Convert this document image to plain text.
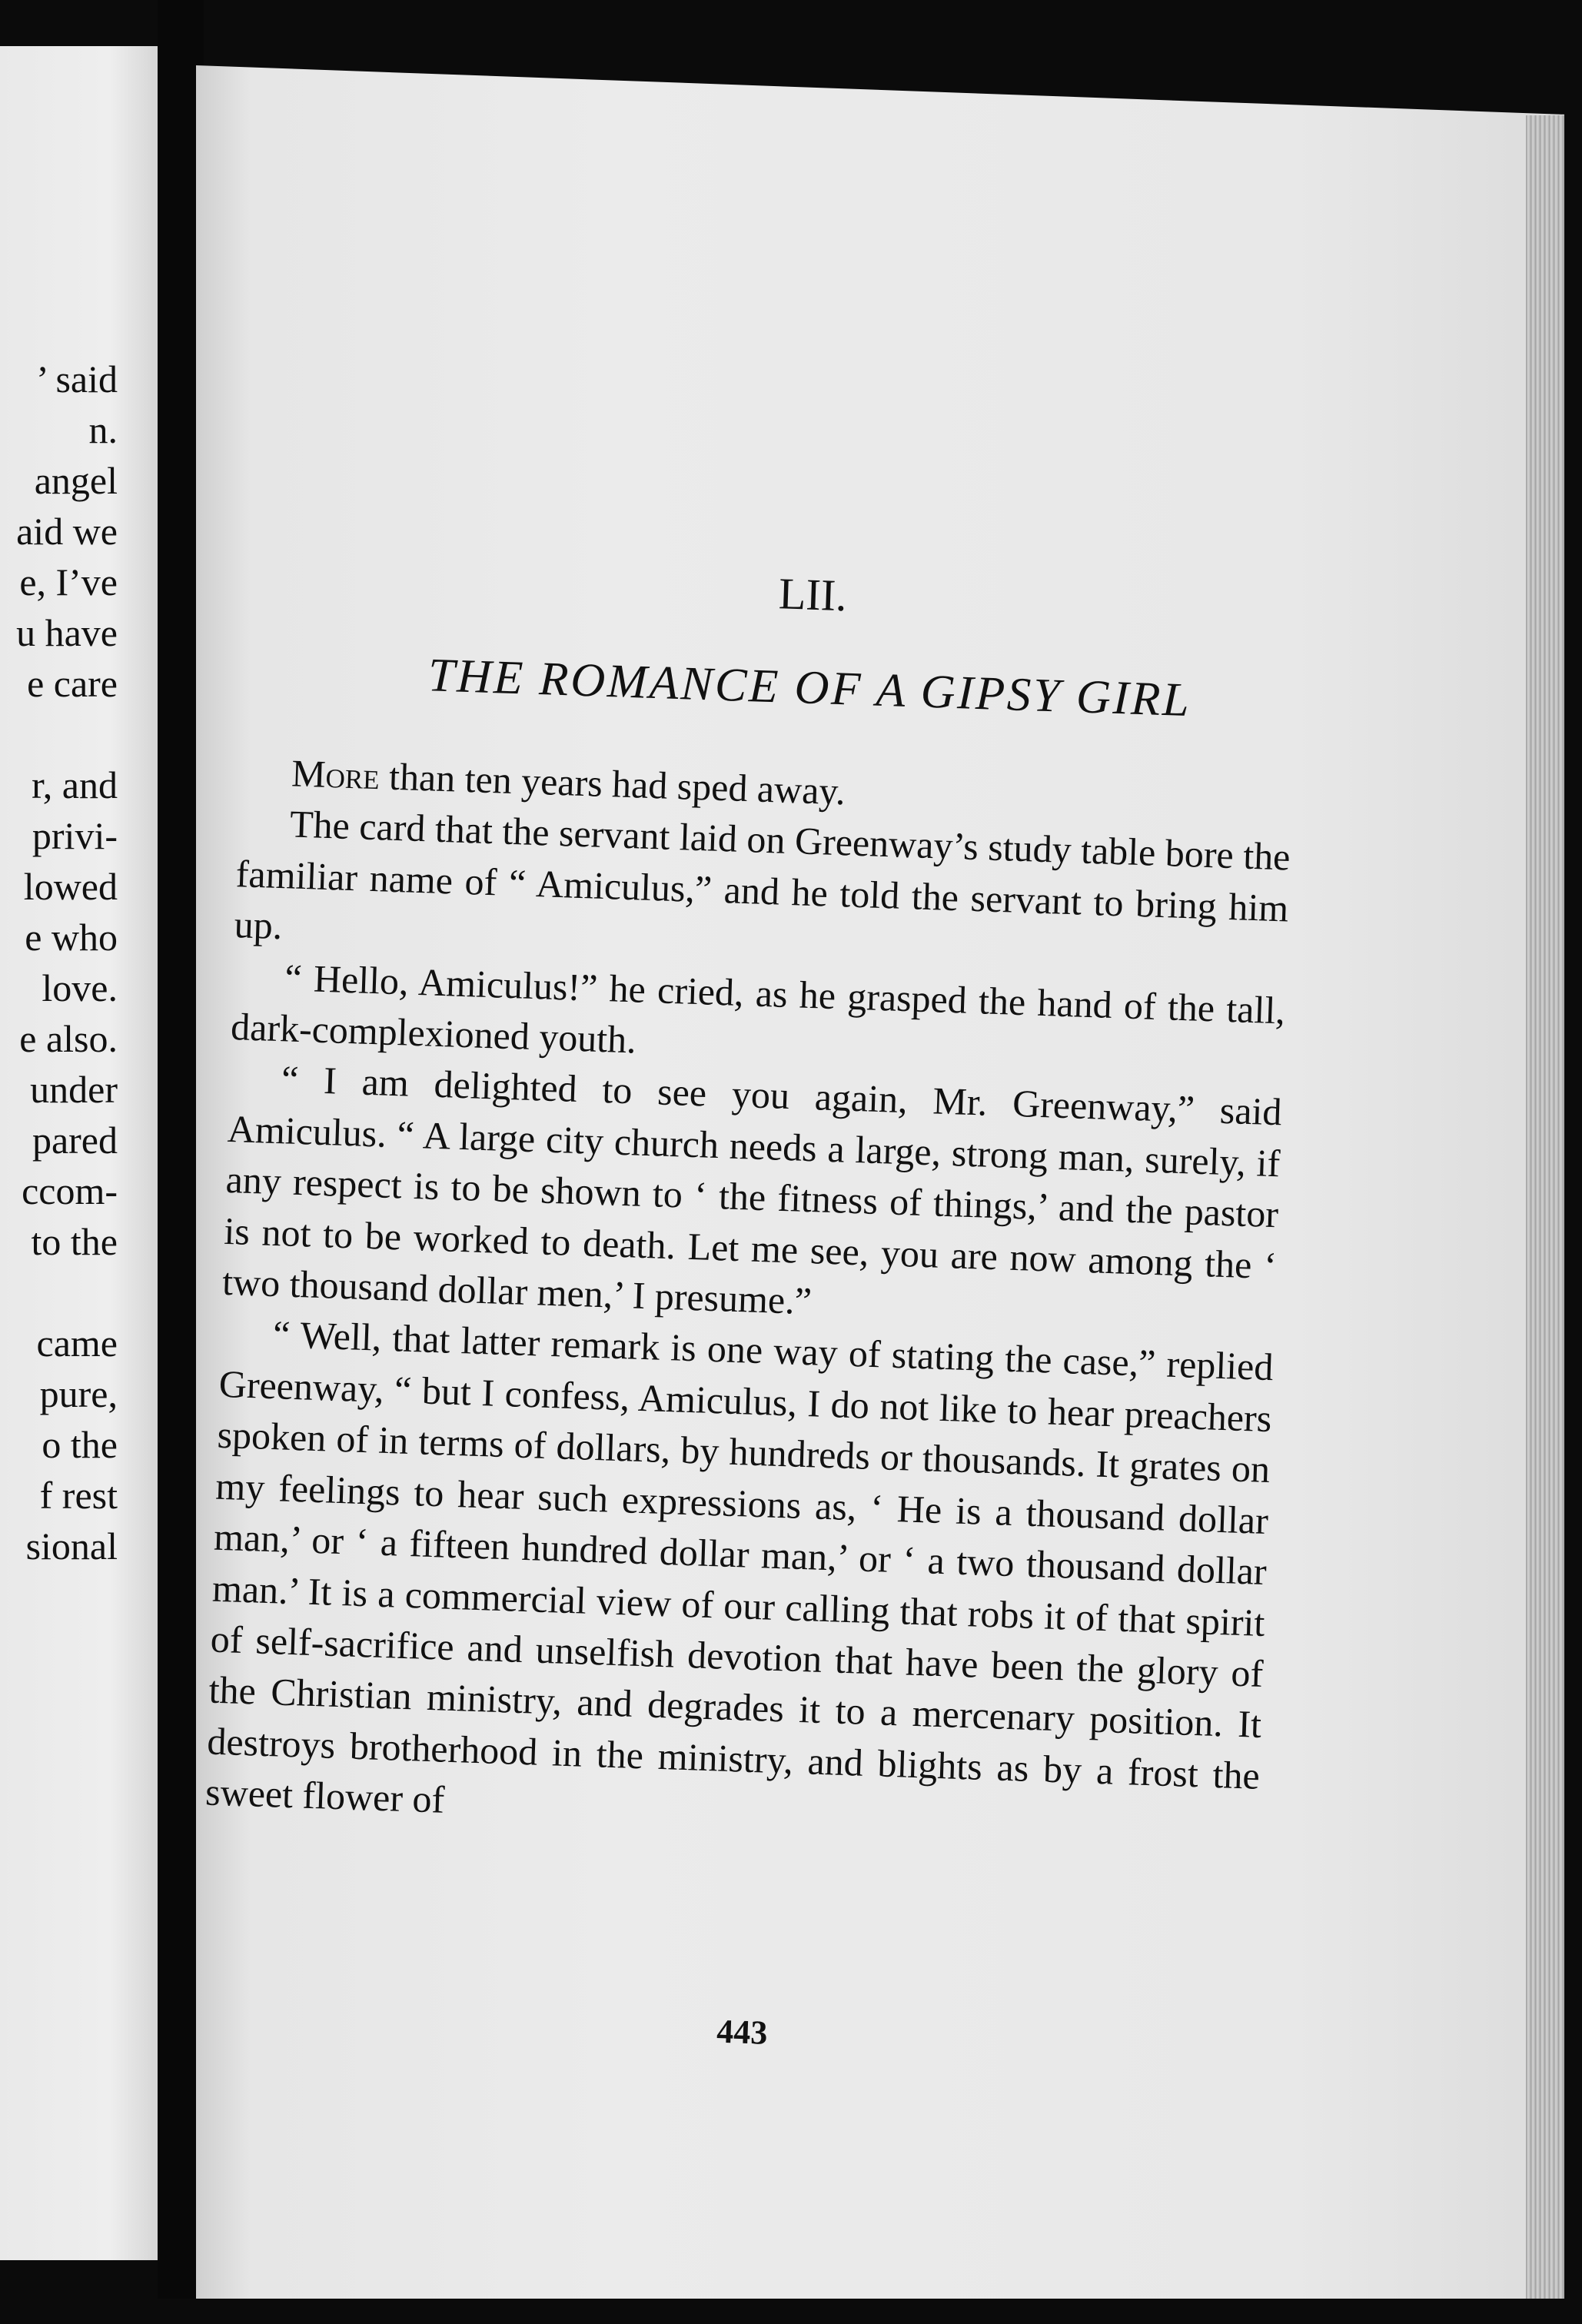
’ said
n.
angel
aid we
e, I’ve
u have
e care
r, and
privi-
lowed
e who
love.
e also.
under
pared
ccom-
to the
came
pure,
o the
f rest
sional
LII.
THE ROMANCE OF A GIPSY GIRL

More than ten years had sped away.

The card that the servant laid on Greenway’s study table bore the familiar name of “ Amiculus,” and he told the servant to bring him up.

“ Hello, Amiculus!” he cried, as he grasped the hand of the tall, dark-complexioned youth.

“ I am delighted to see you again, Mr. Greenway,” said Amiculus. “ A large city church needs a large, strong man, surely, if any respect is to be shown to ‘ the fitness of things,’ and the pastor is not to be worked to death. Let me see, you are now among the ‘ two thousand dollar men,’ I presume.”

“ Well, that latter remark is one way of stating the case,” replied Greenway, “ but I confess, Amiculus, I do not like to hear preachers spoken of in terms of dollars, by hundreds or thousands. It grates on my feelings to hear such expressions as, ‘ He is a thousand dollar man,’ or ‘ a fifteen hundred dollar man,’ or ‘ a two thousand dollar man.’ It is a commercial view of our calling that robs it of that spirit of self-sacrifice and unselfish devotion that have been the glory of the Christian ministry, and degrades it to a mercenary position. It destroys brotherhood in the ministry, and blights as by a frost the sweet flower of

443
